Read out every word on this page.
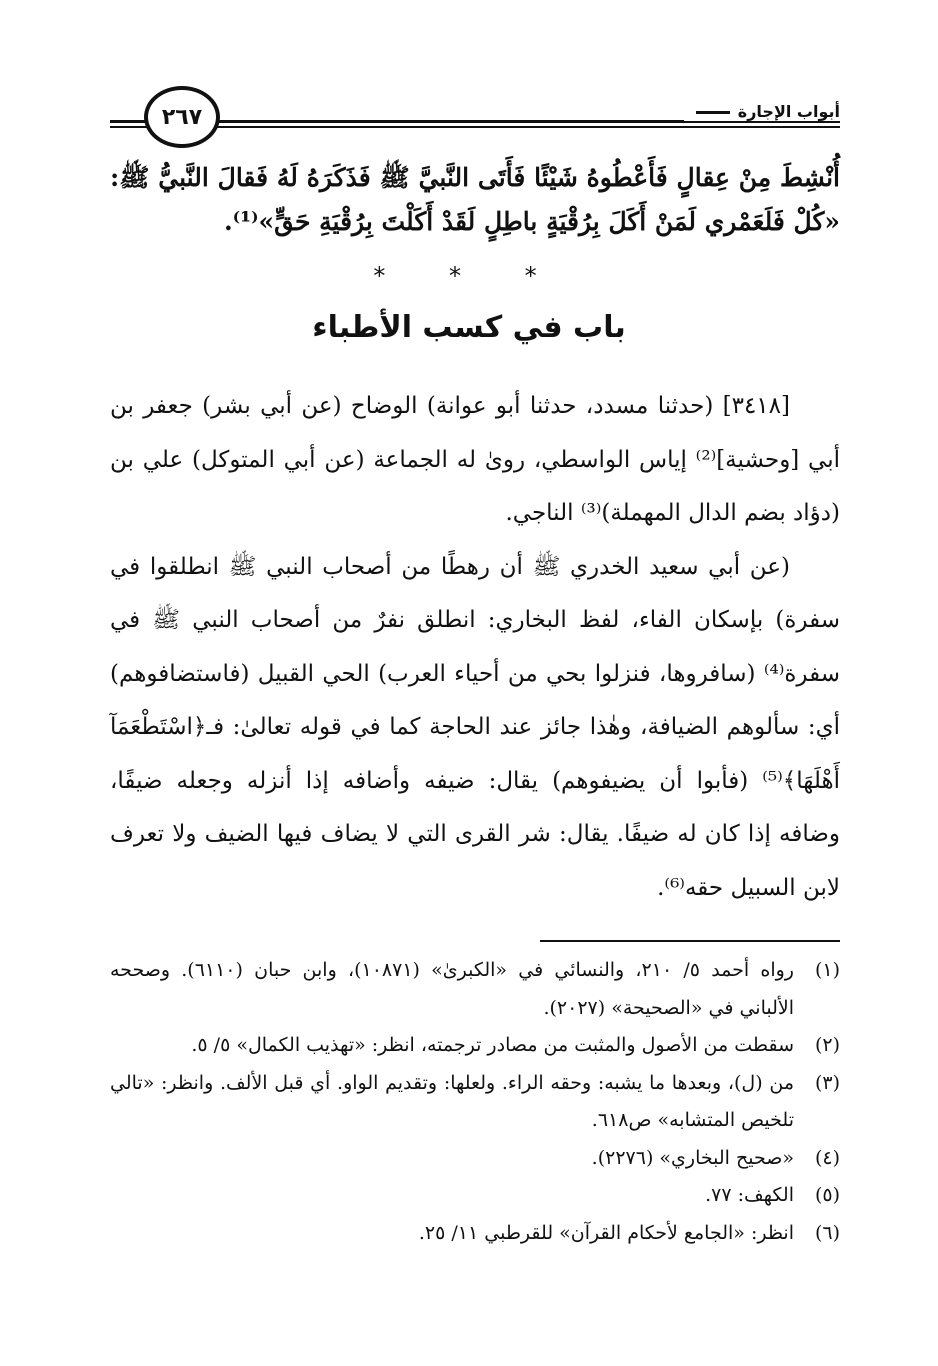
أبواب الإجارة
٢٦٧
أُنْشِطَ مِنْ عِقالٍ فَأَعْطُوهُ شَيْئًا فَأَتَى النَّبيَّ ﷺ فَذَكَرَهُ لَهُ فَقالَ النَّبيُّ ﷺ: «كُلْ فَلَعَمْري لَمَنْ أَكَلَ بِرُقْيَةٍ باطِلٍ لَقَدْ أَكَلْتَ بِرُقْيَةِ حَقٍّ»⁽¹⁾.
* * *
باب في كسب الأطباء

[٣٤١٨] (حدثنا مسدد، حدثنا أبو عوانة) الوضاح (عن أبي بشر) جعفر بن أبي [وحشية]⁽²⁾ إياس الواسطي، روىٰ له الجماعة (عن أبي المتوكل) علي بن (دؤاد بضم الدال المهملة)⁽³⁾ الناجي.

(عن أبي سعيد الخدري ﷺ أن رهطًا من أصحاب النبي ﷺ انطلقوا في سفرة) بإسكان الفاء، لفظ البخاري: انطلق نفرٌ من أصحاب النبي ﷺ في سفرة⁽⁴⁾ (سافروها، فنزلوا بحي من أحياء العرب) الحي القبيل (فاستضافوهم) أي: سألوهم الضيافة، وهٰذا جائز عند الحاجة كما في قوله تعالىٰ: فـ﴿اسْتَطْعَمَآ أَهْلَهَا﴾⁽⁵⁾ (فأبوا أن يضيفوهم) يقال: ضيفه وأضافه إذا أنزله وجعله ضيفًا، وضافه إذا كان له ضيفًا. يقال: شر القرى التي لا يضاف فيها الضيف ولا تعرف لابن السبيل حقه⁽⁶⁾.

(١)
رواه أحمد ٥/ ٢١٠، والنسائي في «الكبرىٰ» (١٠٨٧١)، وابن حبان (٦١١٠). وصححه الألباني في «الصحيحة» (٢٠٢٧).
(٢)
سقطت من الأصول والمثبت من مصادر ترجمته، انظر: «تهذيب الكمال» ٥/ ٥.
(٣)
من (ل)، وبعدها ما يشبه: وحقه الراء. ولعلها: وتقديم الواو. أي قبل الألف. وانظر: «تالي تلخيص المتشابه» ص٦١٨.
(٤)
«صحيح البخاري» (٢٢٧٦).
(٥)
الكهف: ٧٧.
(٦)
انظر: «الجامع لأحكام القرآن» للقرطبي ١١/ ٢٥.
